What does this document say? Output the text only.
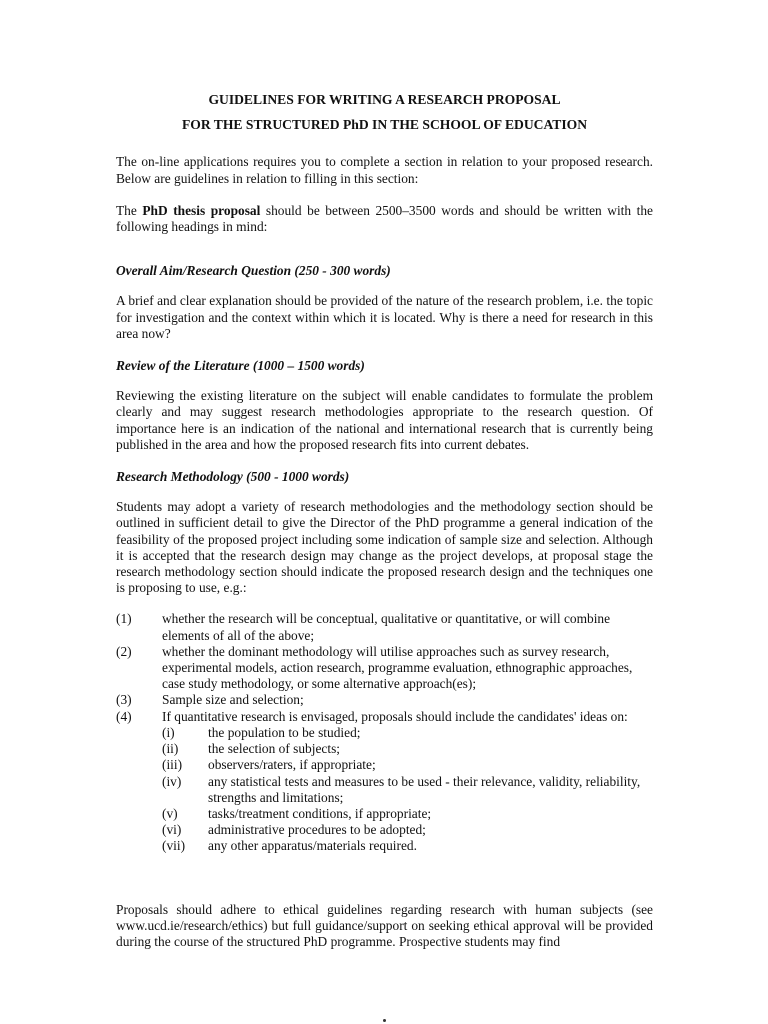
GUIDELINES FOR WRITING A RESEARCH PROPOSAL
FOR THE STRUCTURED PhD IN THE SCHOOL OF EDUCATION

The on-line applications requires you to complete a section in relation to your proposed research. Below are guidelines in relation to filling in this section:

The PhD thesis proposal should be between 2500–3500 words and should be written with the following headings in mind:

Overall Aim/Research Question (250 - 300 words)

A brief and clear explanation should be provided of the nature of the research problem, i.e. the topic for investigation and the context within which it is located. Why is there a need for research in this area now?

Review of the Literature (1000 – 1500 words)

Reviewing the existing literature on the subject will enable candidates to formulate the problem clearly and may suggest research methodologies appropriate to the research question. Of importance here is an indication of the national and international research that is currently being published in the area and how the proposed research fits into current debates.

Research Methodology (500 - 1000 words)

Students may adopt a variety of research methodologies and the methodology section should be outlined in sufficient detail to give the Director of the PhD programme a general indication of the feasibility of the proposed project including some indication of sample size and selection. Although it is accepted that the research design may change as the project develops, at proposal stage the research methodology section should indicate the proposed research design and the techniques one is proposing to use, e.g.:

(1)	whether the research will be conceptual, qualitative or quantitative, or will combine elements of all of the above;
(2)	whether the dominant methodology will utilise approaches such as survey research, experimental models, action research, programme evaluation, ethnographic approaches, case study methodology, or some alternative approach(es);
(3)	Sample size and selection;
(4)	If quantitative research is envisaged, proposals should include the candidates' ideas on:
(i)	the population to be studied;
(ii)	the selection of subjects;
(iii)	observers/raters, if appropriate;
(iv)	any statistical tests and measures to be used - their relevance, validity, reliability, strengths and limitations;
(v)	tasks/treatment conditions, if appropriate;
(vi)	administrative procedures to be adopted;
(vii)	any other apparatus/materials required.

Proposals should adhere to ethical guidelines regarding research with human subjects (see www.ucd.ie/research/ethics) but full guidance/support on seeking ethical approval will be provided during the course of the structured PhD programme. Prospective students may find
